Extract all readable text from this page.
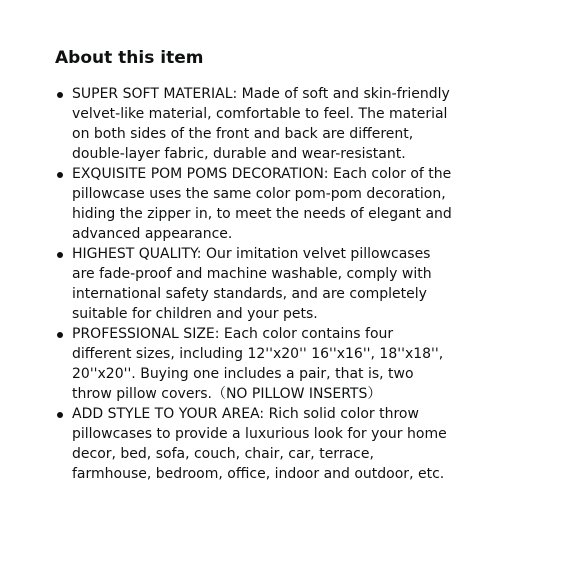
About this item
SUPER SOFT MATERIAL: Made of soft and skin-friendly velvet-like material, comfortable to feel. The material on both sides of the front and back are different, double-layer fabric, durable and wear-resistant.
EXQUISITE POM POMS DECORATION: Each color of the pillowcase uses the same color pom-pom decoration, hiding the zipper in, to meet the needs of elegant and advanced appearance.
HIGHEST QUALITY: Our imitation velvet pillowcases are fade-proof and machine washable, comply with international safety standards, and are completely suitable for children and your pets.
PROFESSIONAL SIZE: Each color contains four different sizes, including 12''x20'' 16''x16'', 18''x18'', 20''x20''. Buying one includes a pair, that is, two throw pillow covers.（NO PILLOW INSERTS）
ADD STYLE TO YOUR AREA: Rich solid color throw pillowcases to provide a luxurious look for your home decor, bed, sofa, couch, chair, car, terrace, farmhouse, bedroom, office, indoor and outdoor, etc.
